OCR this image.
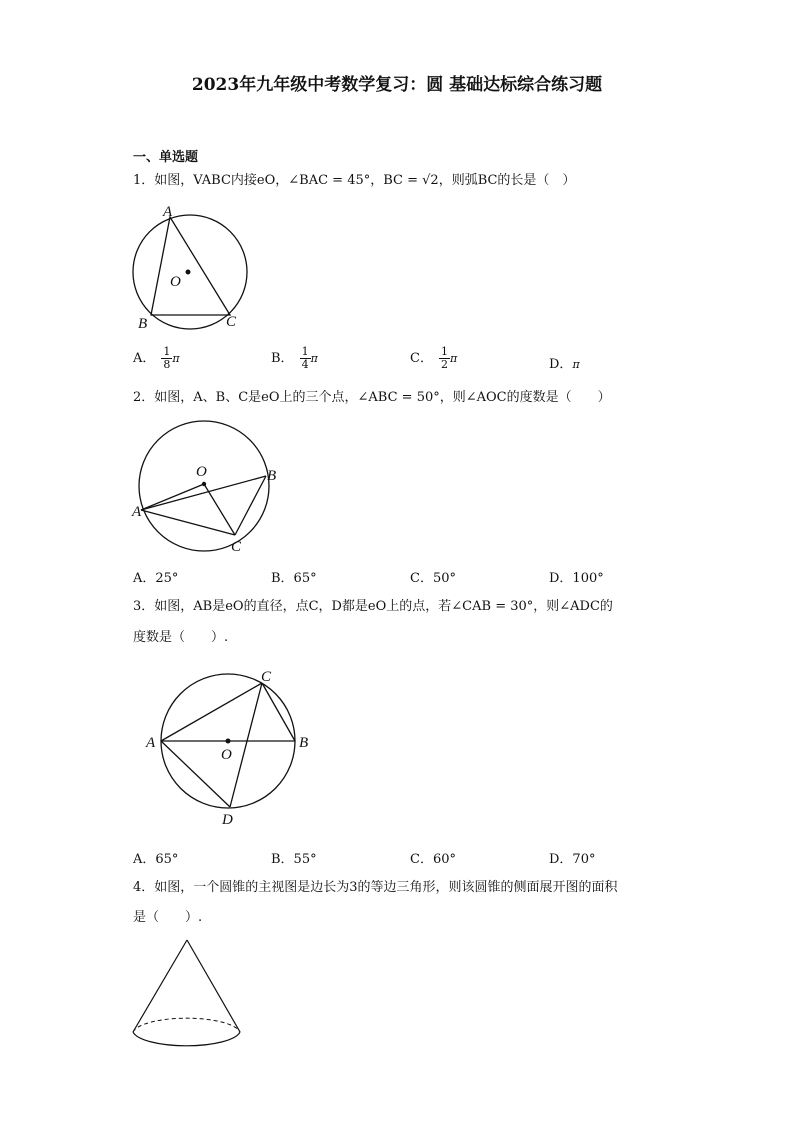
2023年九年级中考数学复习：圆 基础达标综合练习题
一、单选题
1．如图，VABC内接eO，∠BAC = 45°，BC = √2，则弧BC的长是（　）
A
O
B	C
A． $\frac{1}{8}$ π	B． $\frac{1}{4}$ π	C． $\frac{1}{2}$ π	D．π
2．如图，A、B、C是eO上的三个点，∠ABC = 50°，则∠AOC的度数是（　　）
O	B
A
C
A．25°	B．65°	C．50°	D．100°
3．如图，AB是eO的直径，点C，D都是eO上的点，若∠CAB = 30°，则∠ADC的
度数是（　　）.
C
A	B
O
D
A．65°	B．55°	C．60°	D．70°
4．如图，一个圆锥的主视图是边长为3的等边三角形，则该圆锥的侧面展开图的面积
是（　　）.
